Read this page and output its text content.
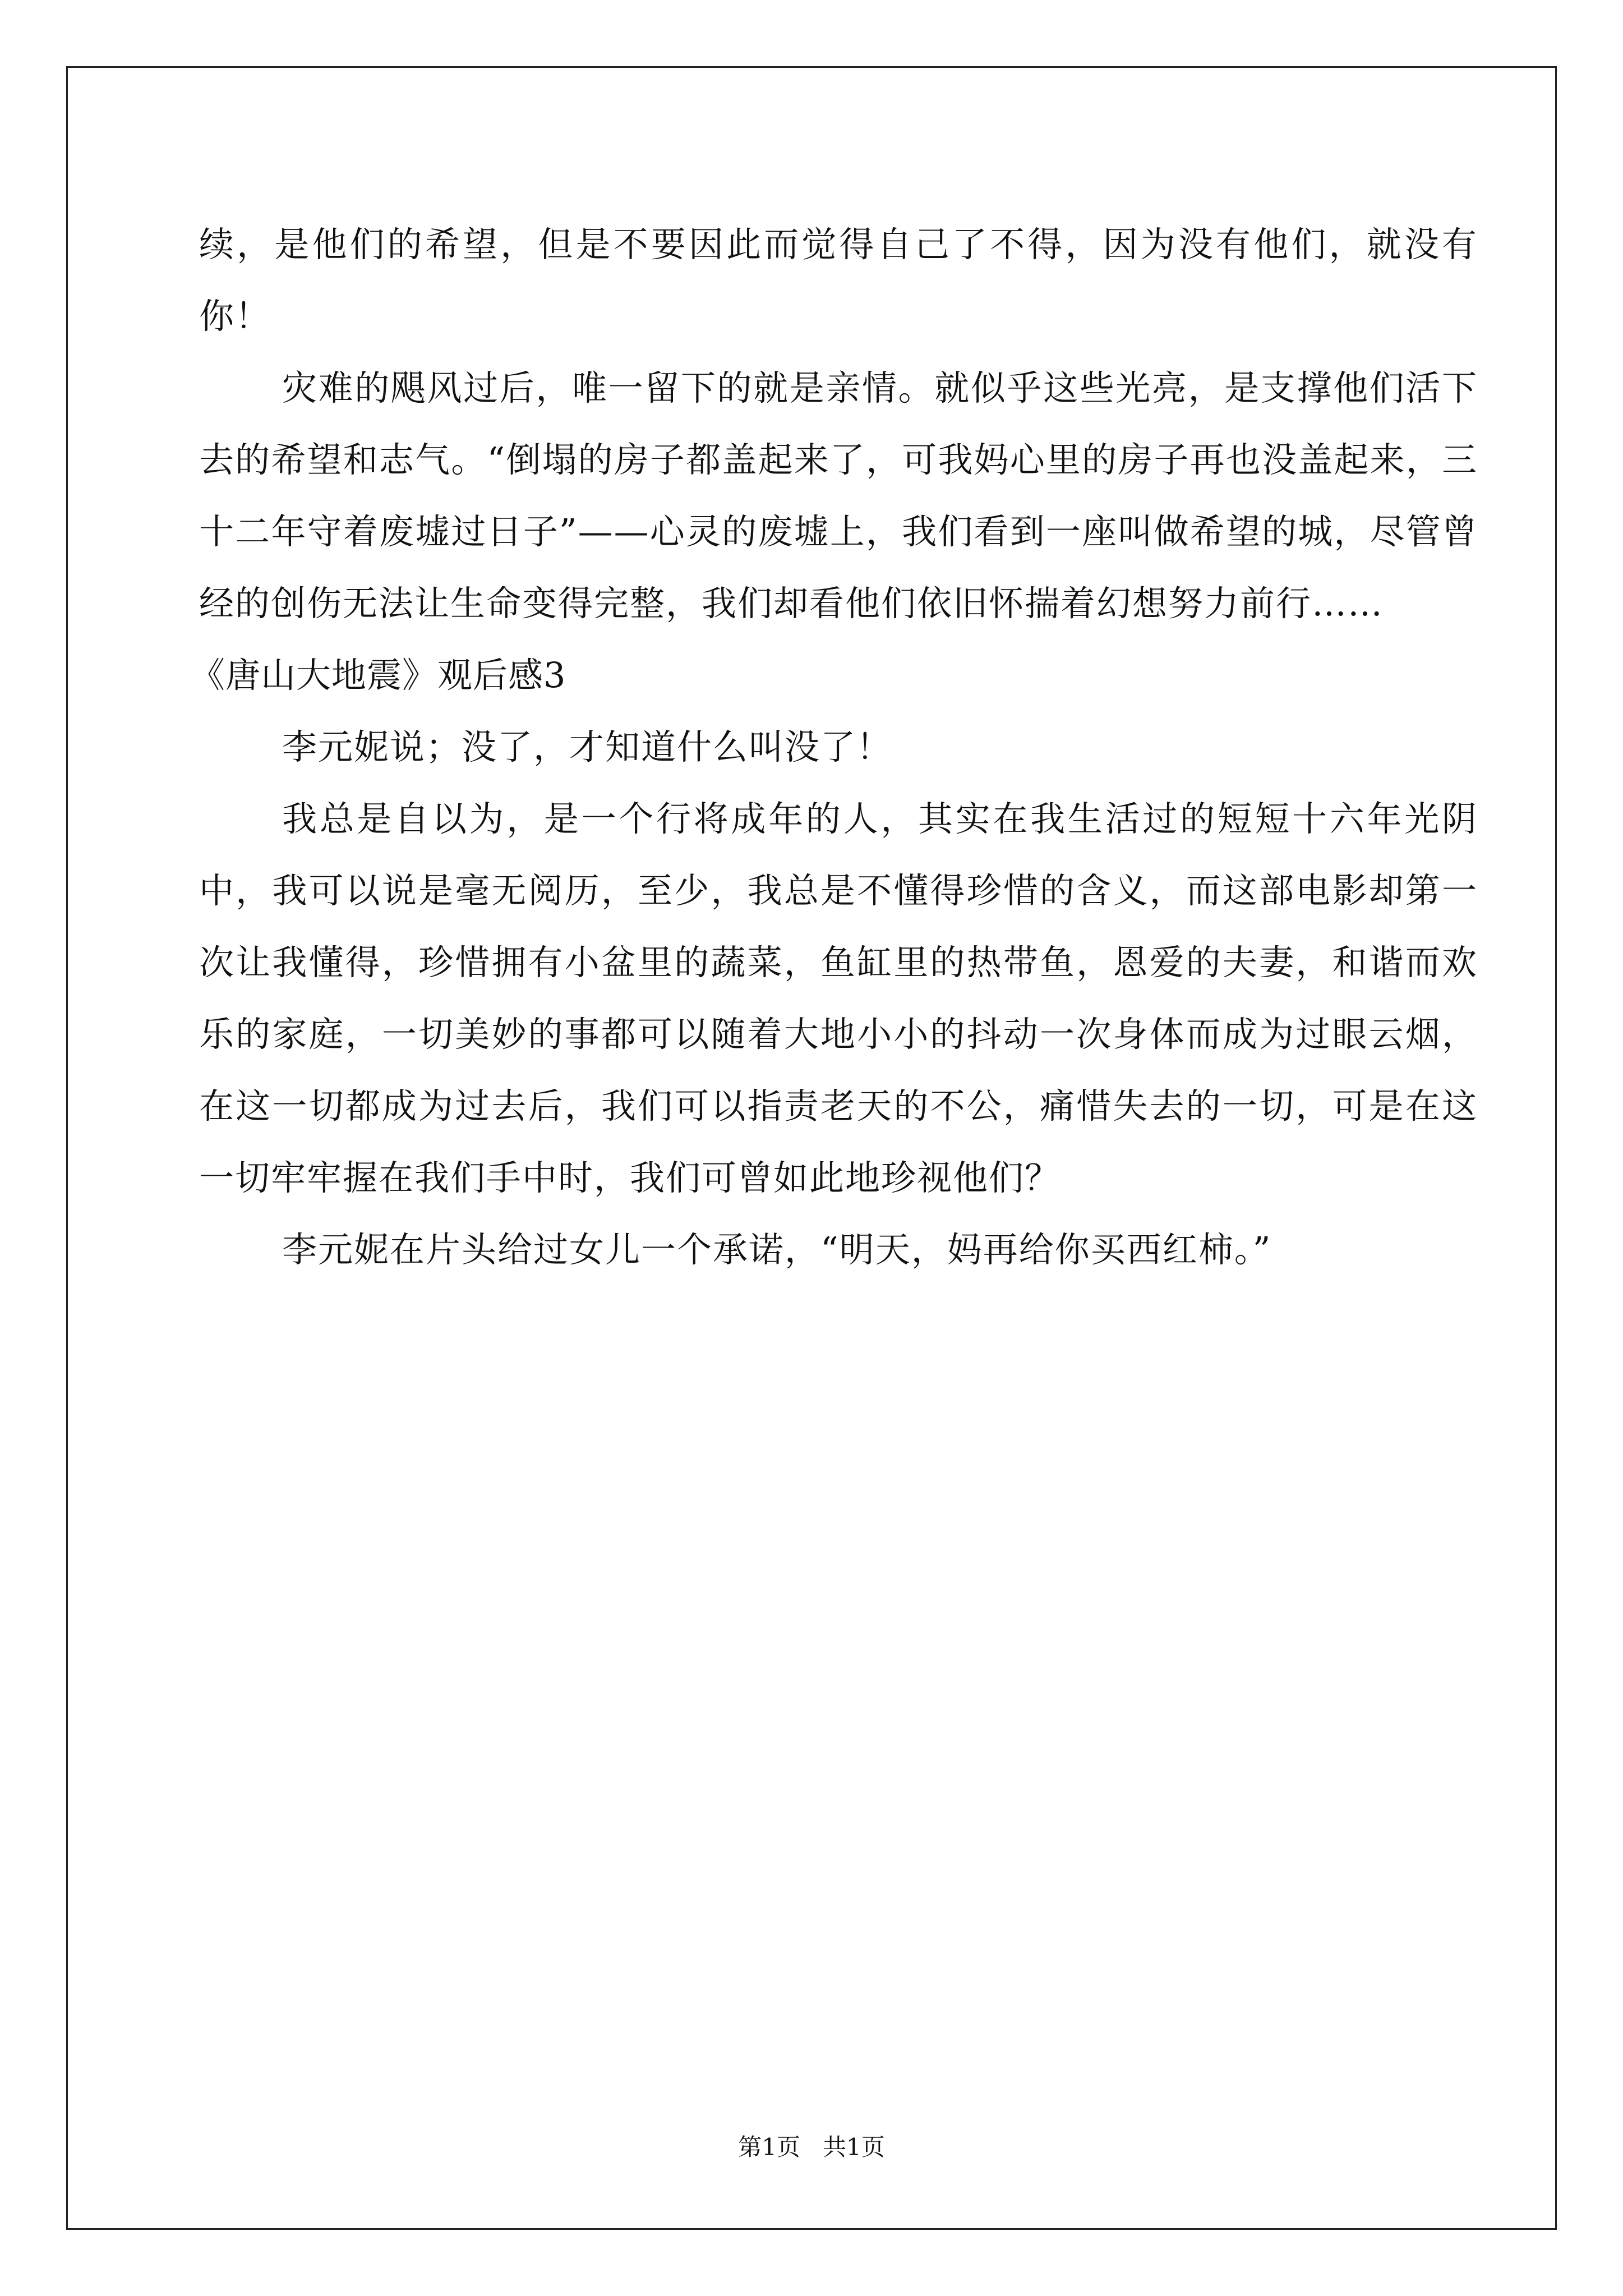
续，是他们的希望，但是不要因此而觉得自己了不得，因为没有他们，就没有你！

灾难的飓风过后，唯一留下的就是亲情。就似乎这些光亮，是支撑他们活下去的希望和志气。“倒塌的房子都盖起来了，可我妈心里的房子再也没盖起来，三十二年守着废墟过日子”——心灵的废墟上，我们看到一座叫做希望的城，尽管曾经的创伤无法让生命变得完整，我们却看他们依旧怀揣着幻想努力前行……

《唐山大地震》观后感3

李元妮说；没了，才知道什么叫没了！

我总是自以为，是一个行将成年的人，其实在我生活过的短短十六年光阴中，我可以说是毫无阅历，至少，我总是不懂得珍惜的含义，而这部电影却第一次让我懂得，珍惜拥有小盆里的蔬菜，鱼缸里的热带鱼，恩爱的夫妻，和谐而欢乐的家庭，一切美妙的事都可以随着大地小小的抖动一次身体而成为过眼云烟，在这一切都成为过去后，我们可以指责老天的不公，痛惜失去的一切，可是在这一切牢牢握在我们手中时，我们可曾如此地珍视他们？

李元妮在片头给过女儿一个承诺，“明天，妈再给你买西红柿。”

第1页   共1页
